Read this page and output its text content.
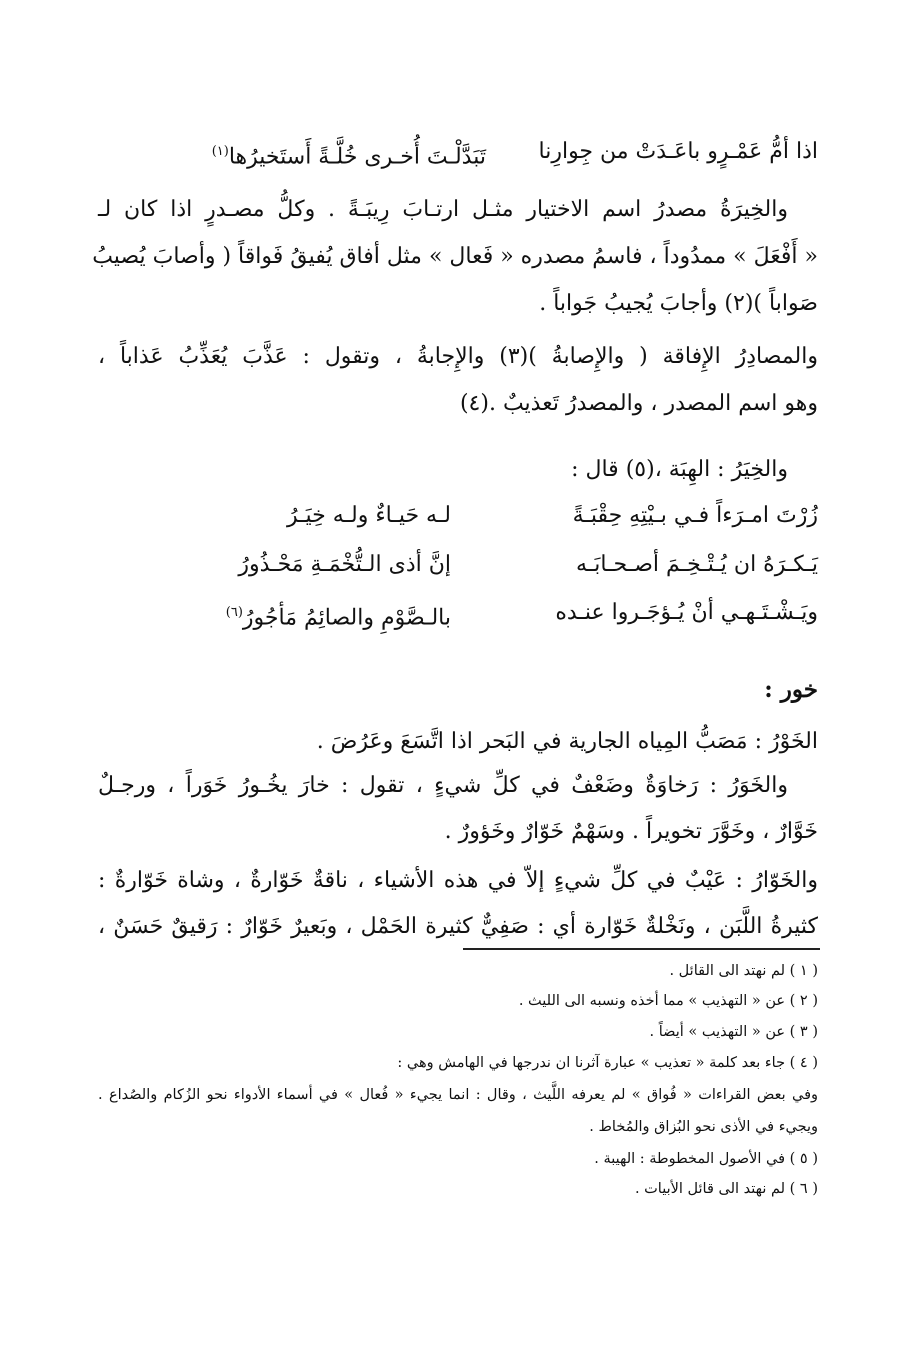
اذا أمُّ عَمْـرٍو باعَـدَتْ من جِوارِنا
تَبَدَّلْـتَ أُخـرى خُلَّـةً أَستَخيرُها$^{(١)}$
والخِيرَةُ مصدرُ اسم الاختيار مثـل ارتـابَ رِيبَـةً . وكلُّ مصـدرٍ اذا كان لـ
« أَفْعَلَ » ممدُوداً ، فاسمُ مصدره « فَعال » مثل أفاق يُفيقُ فَواقاً ( وأصابَ يُصيبُ
صَواباً )(٢) وأجابَ يُجيبُ جَواباً .
والمصادِرُ الإِفاقة ( والإِصابةُ )(٣) والإِجابةُ ، وتقول : عَذَّبَ يُعَذِّبُ عَذاباً ،
وهو اسم المصدر ، والمصدرُ تَعذيبٌ .(٤)
والخِيَرُ : الهِبَة ،(٥) قال :
زُرْتَ امـرَءاً فـي بـيْتِهِ حِقْبَـةً
لـه حَيـاءٌ ولـه خِيَـرُ
يَـكـرَهُ ان يُـتْـخِـمَ أصـحـابَـه
إنَّ أذى الـتُّخْمَـةِ مَحْـذُورُ
ويَـشْـتَـهـي أنْ يُـؤجَـروا عنـده
بالـصَّوْمِ والصائِمُ مَأجُورُ$^{(٦)}$
خور :
الخَوْرُ : مَصَبُّ المِياه الجارية في البَحر اذا اتَّسَعَ وعَرُضَ .
والخَوَرُ : رَخاوَةٌ وضَعْفٌ في كلِّ شيءٍ ، تقول : خارَ يخُـورُ خَوَراً ، ورجـلٌ
خَوَّارٌ ، وخَوَّرَ تخويراً . وسَهْمٌ خَوّارٌ وخَؤورٌ .
والخَوّارُ : عَيْبٌ في كلِّ شيءٍ إلاّ في هذه الأشياء ، ناقةٌ خَوّارةٌ ، وشاة خَوّارةٌ :
كثيرةُ اللَّبَن ، ونَخْلةٌ خَوّارة أي : صَفِيٌّ كثيرة الحَمْل ، وبَعيرٌ خَوّارٌ : رَقيقٌ حَسَنٌ ،
( ١ ) لم نهتد الى القائل .
( ٢ ) عن « التهذيب » مما أخذه ونسبه الى الليث .
( ٣ ) عن « التهذيب » أيضاً .
( ٤ ) جاء بعد كلمة « تعذيب » عبارة آثرنا ان ندرجها في الهامش وهي :
وفي بعض القراءات « فُواق » لم يعرفه اللَّيث ، وقال : انما يجيء « فُعال » في أسماء الأدواء نحو الزُكام والصُداع .
ويجيء في الأذى نحو البُزاق والمُخاط .
( ٥ ) في الأصول المخطوطة : الهيبة .
( ٦ ) لم نهتد الى قائل الأبيات .
